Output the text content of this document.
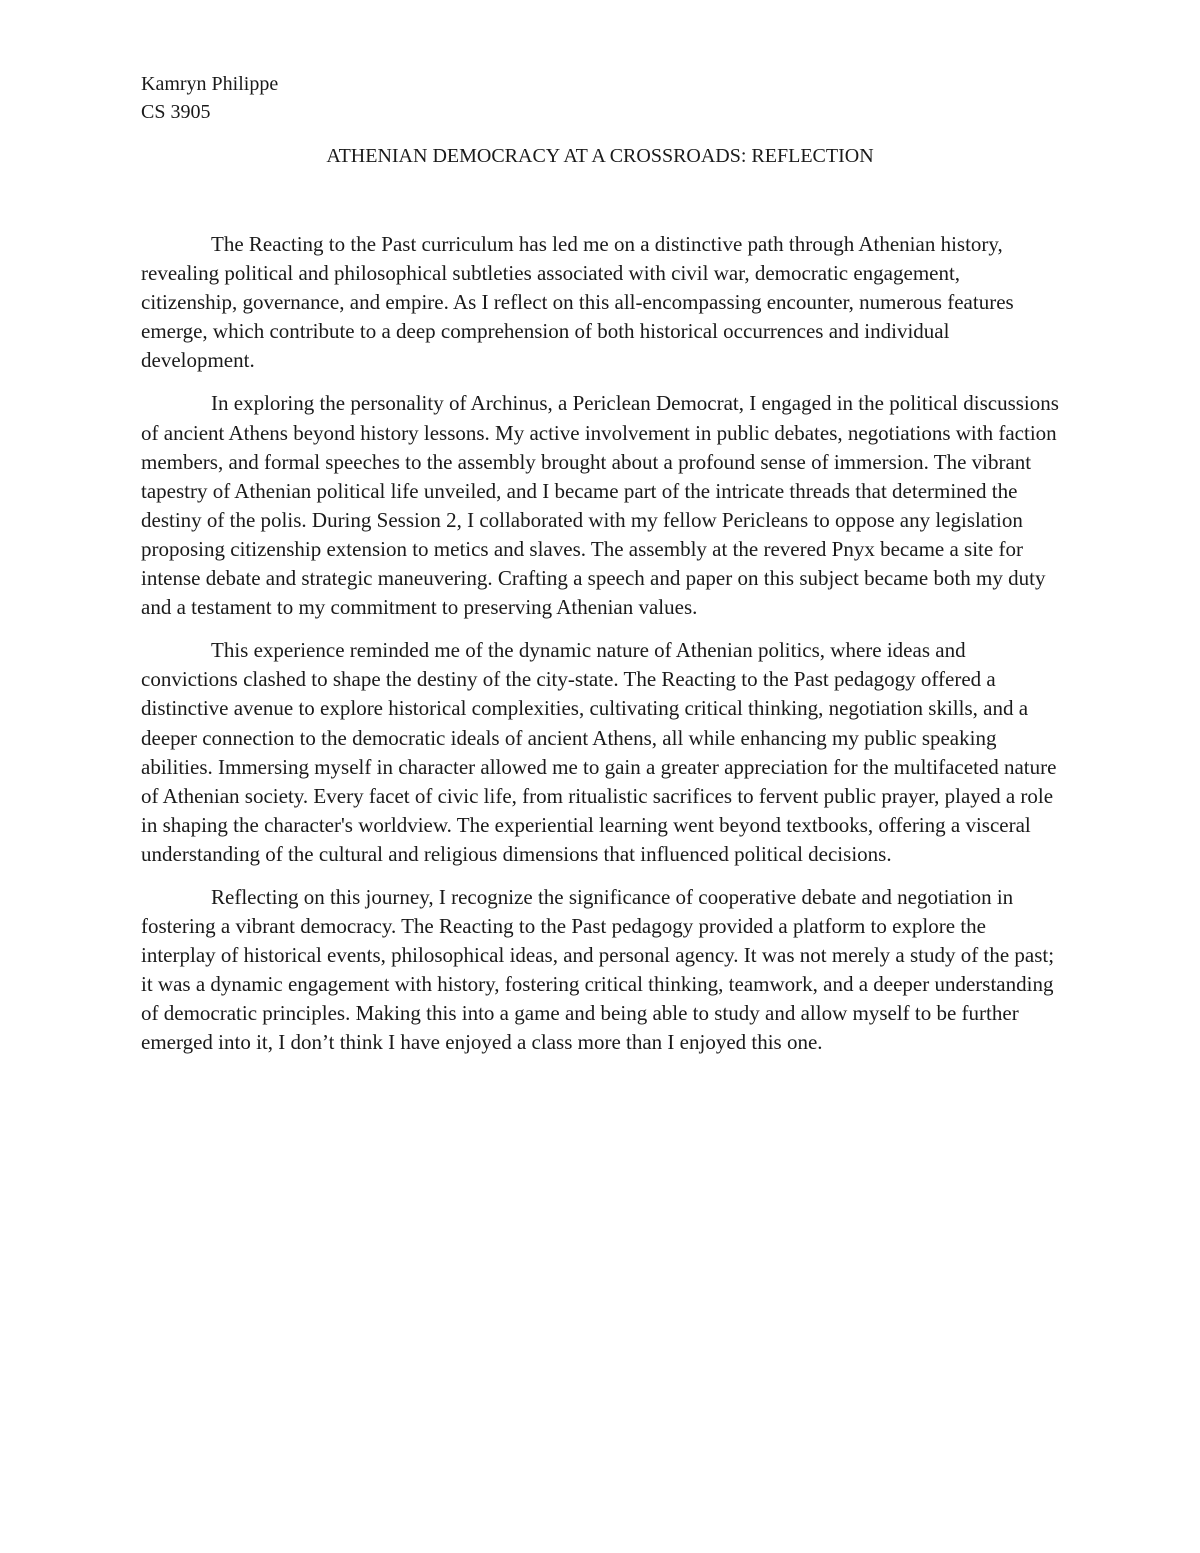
Kamryn Philippe
CS 3905
ATHENIAN DEMOCRACY AT A CROSSROADS: REFLECTION

The Reacting to the Past curriculum has led me on a distinctive path through Athenian history, revealing political and philosophical subtleties associated with civil war, democratic engagement, citizenship, governance, and empire. As I reflect on this all-encompassing encounter, numerous features emerge, which contribute to a deep comprehension of both historical occurrences and individual development.

In exploring the personality of Archinus, a Periclean Democrat, I engaged in the political discussions of ancient Athens beyond history lessons. My active involvement in public debates, negotiations with faction members, and formal speeches to the assembly brought about a profound sense of immersion. The vibrant tapestry of Athenian political life unveiled, and I became part of the intricate threads that determined the destiny of the polis. During Session 2, I collaborated with my fellow Pericleans to oppose any legislation proposing citizenship extension to metics and slaves. The assembly at the revered Pnyx became a site for intense debate and strategic maneuvering. Crafting a speech and paper on this subject became both my duty and a testament to my commitment to preserving Athenian values.

This experience reminded me of the dynamic nature of Athenian politics, where ideas and convictions clashed to shape the destiny of the city-state. The Reacting to the Past pedagogy offered a distinctive avenue to explore historical complexities, cultivating critical thinking, negotiation skills, and a deeper connection to the democratic ideals of ancient Athens, all while enhancing my public speaking abilities. Immersing myself in character allowed me to gain a greater appreciation for the multifaceted nature of Athenian society. Every facet of civic life, from ritualistic sacrifices to fervent public prayer, played a role in shaping the character's worldview. The experiential learning went beyond textbooks, offering a visceral understanding of the cultural and religious dimensions that influenced political decisions.

Reflecting on this journey, I recognize the significance of cooperative debate and negotiation in fostering a vibrant democracy. The Reacting to the Past pedagogy provided a platform to explore the interplay of historical events, philosophical ideas, and personal agency. It was not merely a study of the past; it was a dynamic engagement with history, fostering critical thinking, teamwork, and a deeper understanding of democratic principles. Making this into a game and being able to study and allow myself to be further emerged into it, I don’t think I have enjoyed a class more than I enjoyed this one.
